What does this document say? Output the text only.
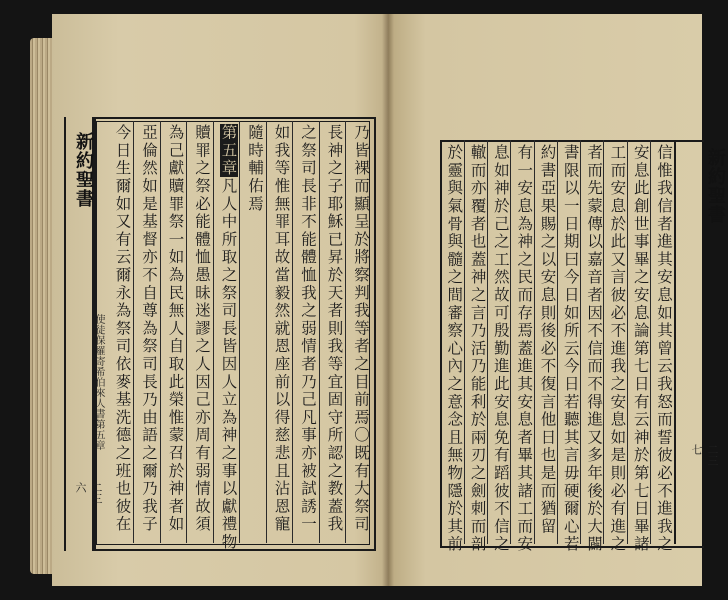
新約聖書
使徒保羅寄希伯來人書第五章
二三六	乃皆裸而顯呈於將察判我等者之目前焉〇既有大祭司
長神之子耶穌已昇於天者則我等宜固守所認之教蓋我
之祭司長非不能體恤我之弱情者乃己凡事亦被試誘一
如我等惟無罪耳故當毅然就恩座前以得慈悲且沾恩寵
隨時輔佑焉
第五章凡人中所取之祭司長皆因人立為神之事以獻禮物
贖罪之祭必能體恤愚昧迷謬之人因己亦周有弱情故須
為己獻贖罪祭一如為民無人自取此榮惟蒙召於神者如
亞倫然如是基督亦不自尊為祭司長乃由語之爾乃我子
今日生爾如又有云爾永為祭司依麥基洗德之班也彼在	新約聖書
二三七
信惟我信者進其安息如其曾云我怒而誓彼必不進我之
安息此創世事畢之安息論第七日有云神於第七日畢諸
工而安息於此又言彼必不進我之安息如是則必有進之
者而先蒙傳以嘉音者因不信而不得進又多年後於大闢
書限以一日期曰今日如所云今日若聽其言毋硬爾心若
約書亞果賜之以安息則後必不復言他日也是而猶留
有一安息為神之民而存焉蓋進其安息者畢其諸工而安
息如神於己之工然故可殷勤進此安息免有蹈彼不信之
轍而亦覆者也蓋神之言乃活乃能利於兩刃之劍刺而剖
於靈與氣骨與髓之間審察心內之意念且無物隱於其前
